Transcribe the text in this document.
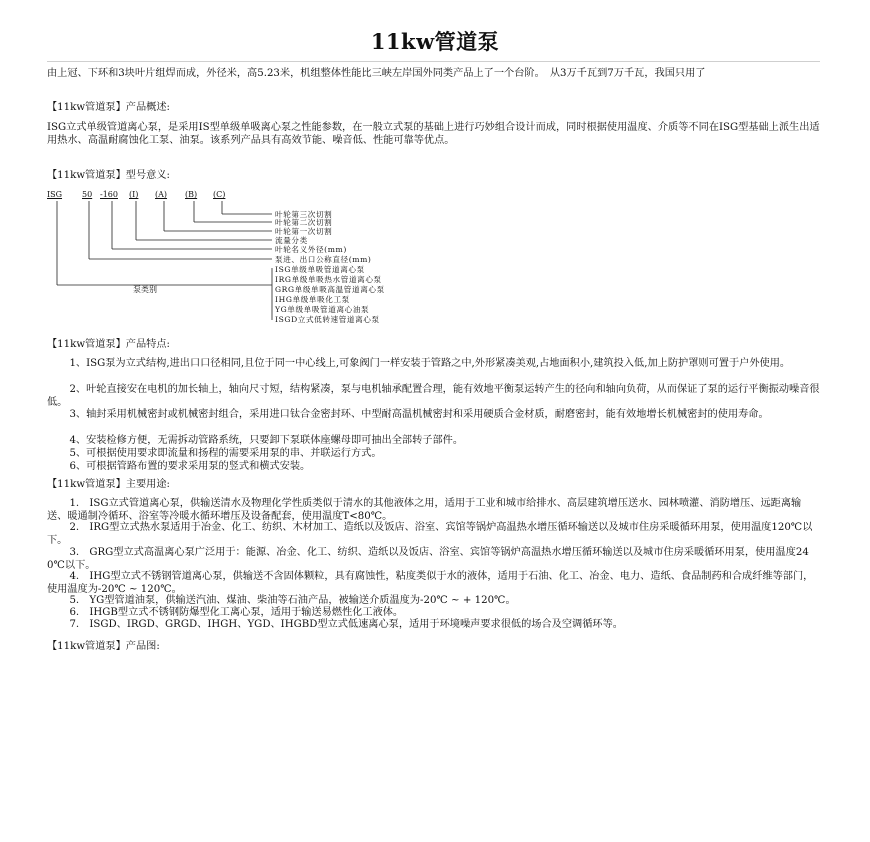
11kw管道泵

由上冠、下环和3块叶片组焊而成，外径米，高5.23米，机组整体性能比三峡左岸国外同类产品上了一个台阶。　从3万千瓦到7万千瓦，我国只用了

【11kw管道泵】产品概述:

ISG立式单级管道离心泵，是采用IS型单级单吸离心泵之性能参数，在一般立式泵的基础上进行巧妙组合设计而成，同时根据使用温度、介质等不同在ISG型基础上派生出适用热水、高温耐腐蚀化工泵、油泵。该系列产品具有高效节能、噪音低、性能可靠等优点。

【11kw管道泵】型号意义:
ISG 50 -160 (I) (A) (B) (C)
叶轮第三次切割
叶轮第二次切割
叶轮第一次切割
流量分类
叶轮名义外径(mm)
泵进、出口公称直径(mm)
ISG单级单吸管道离心泵
IRG单级单吸热水管道离心泵
GRG单级单吸高温管道离心泵
IHG单级单吸化工泵
YG单级单吸管道离心油泵
ISGD立式低转速管道离心泵
泵类别
【11kw管道泵】产品特点:

1、ISG泵为立式结构,进出口口径相同,且位于同一中心线上,可象阀门一样安装于管路之中,外形紧凑美观,占地面积小,建筑投入低,加上防护罩则可置于户外使用。

2、叶轮直接安在电机的加长轴上，轴向尺寸短，结构紧凑，泵与电机轴承配置合理，能有效地平衡泵运转产生的径向和轴向负荷，从而保证了泵的运行平衡振动噪音很低。

3、轴封采用机械密封或机械密封组合，采用进口钛合金密封环、中型耐高温机械密封和采用硬质合金材质，耐磨密封，能有效地增长机械密封的使用寿命。

4、安装检修方便，无需拆动管路系统，只要卸下泵联体座螺母即可抽出全部转子部件。

5、可根据使用要求即流量和扬程的需要采用泵的串、并联运行方式。

6、可根据管路布置的要求采用泵的竖式和横式安装。

【11kw管道泵】主要用途:

1.　ISG立式管道离心泵，供输送清水及物理化学性质类似于清水的其他液体之用，适用于工业和城市给排水、高层建筑增压送水、园林喷灌、消防增压、远距离输送、暖通制冷循环、浴室等冷暖水循环增压及设备配套，使用温度T<80℃。

2.　IRG型立式热水泵适用于冶金、化工、纺织、木材加工、造纸以及饭店、浴室、宾馆等锅炉高温热水增压循环输送以及城市住房采暖循环用泵，使用温度120℃以下。

3.　GRG型立式高温离心泵广泛用于：能源、冶金、化工、纺织、造纸以及饭店、浴室、宾馆等锅炉高温热水增压循环输送以及城市住房采暖循环用泵，使用温度240℃以下。

4.　IHG型立式不锈钢管道离心泵，供输送不含固体颗粒，具有腐蚀性，粘度类似于水的液体，适用于石油、化工、冶金、电力、造纸、食品制药和合成纤维等部门，使用温度为-20℃ ~ 120℃。

5.　YG型管道油泵，供输送汽油、煤油、柴油等石油产品，被输送介质温度为-20℃ ~ + 120℃。

6.　IHGB型立式不锈钢防爆型化工离心泵，适用于输送易燃性化工液体。

7.　ISGD、IRGD、GRGD、IHGH、YGD、IHGBD型立式低速离心泵，适用于环境噪声要求很低的场合及空调循环等。

【11kw管道泵】产品图:
